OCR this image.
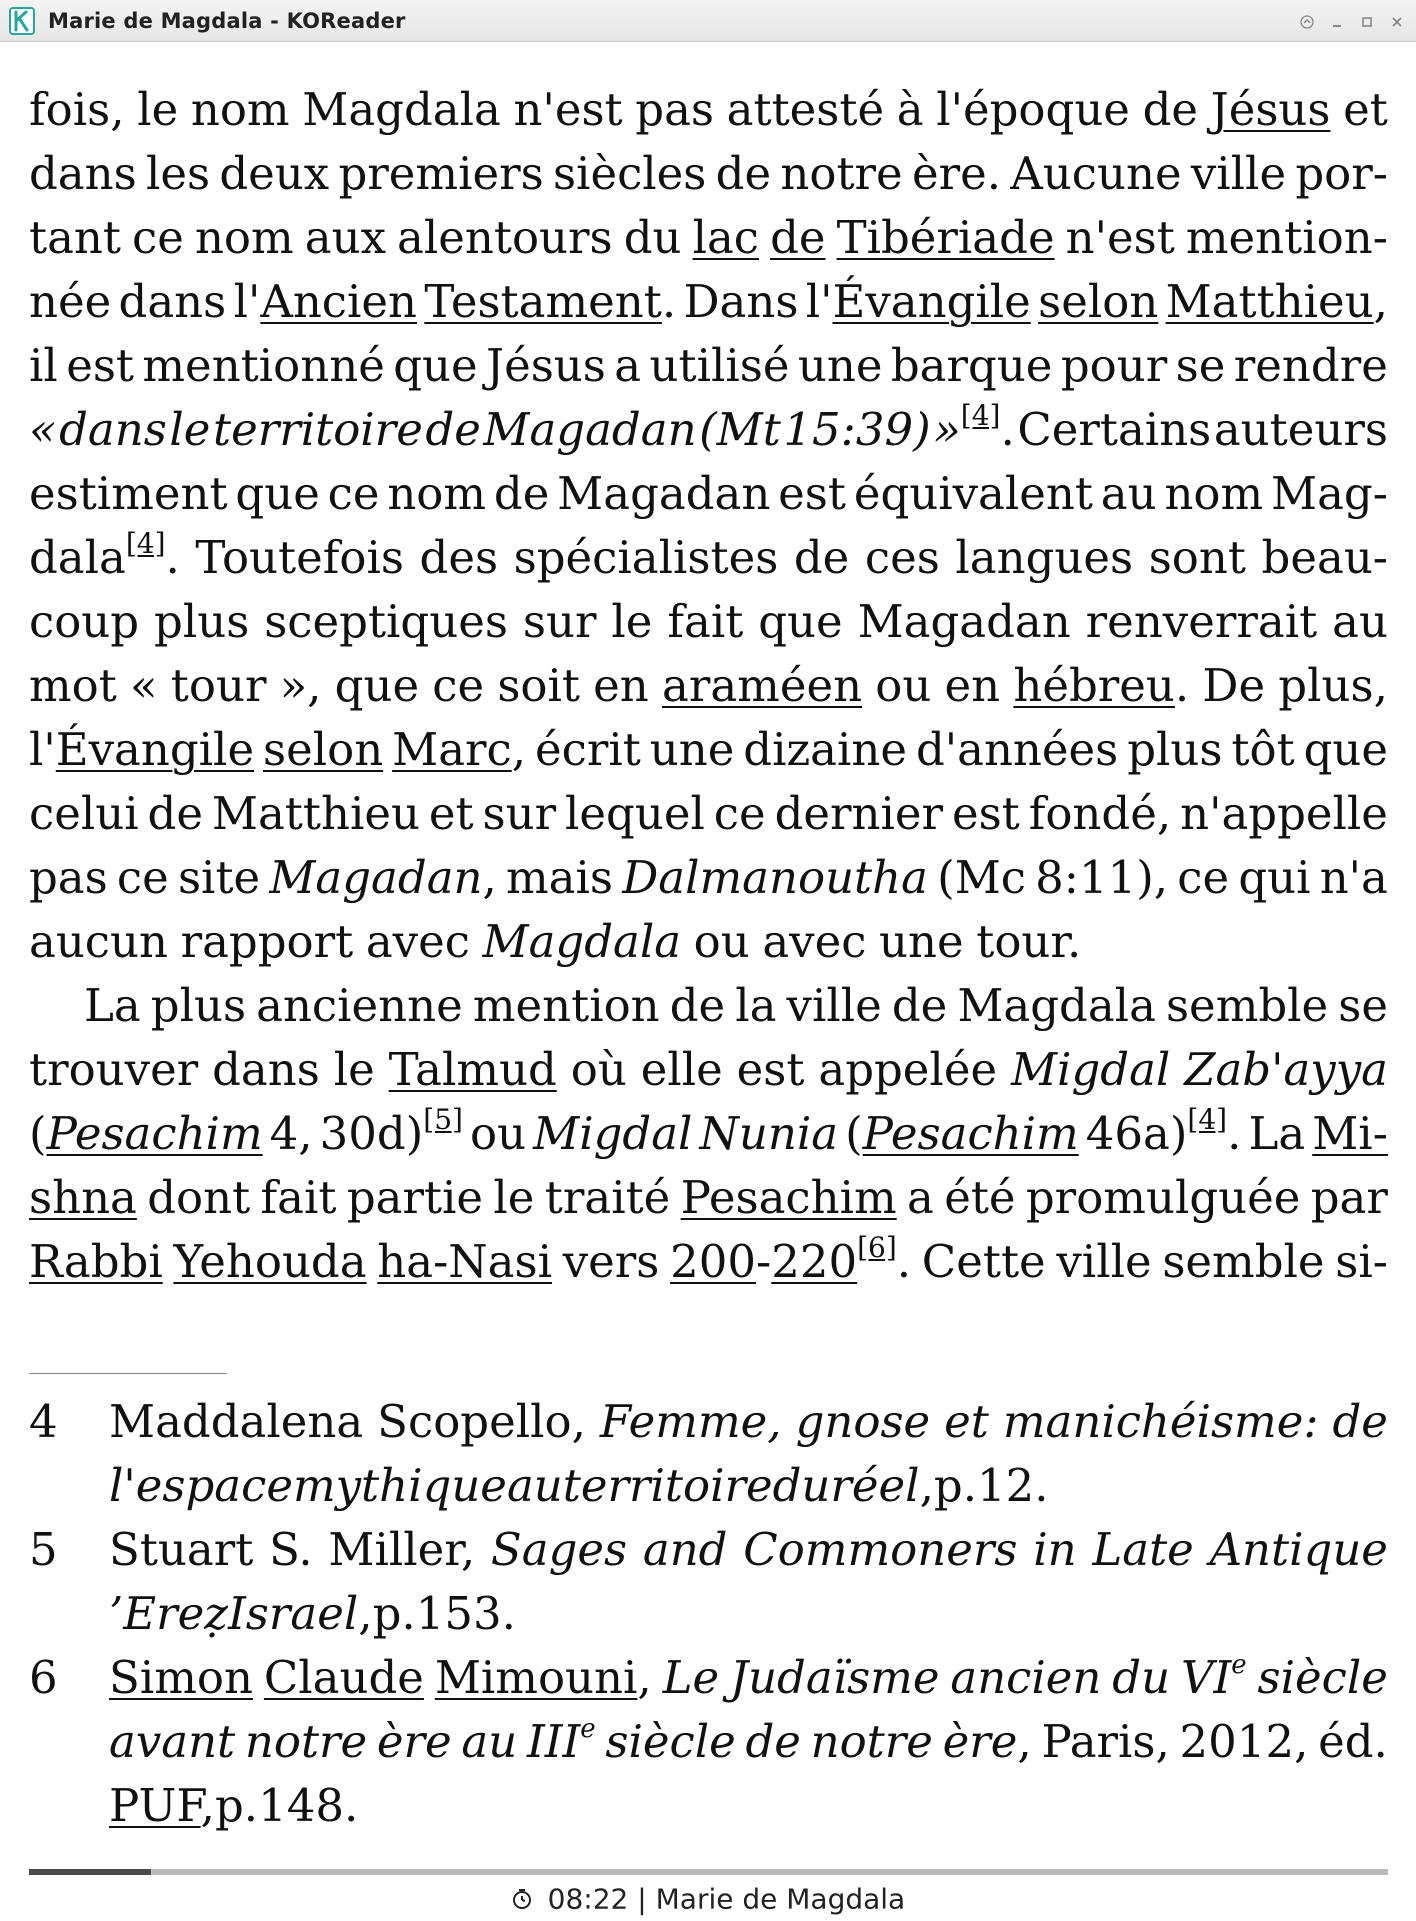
Marie de Magdala - KOReader
fois, le nom Magdala n'est pas attesté à l'époque de Jésus et
dans les deux premiers siècles de notre ère. Aucune ville por-
tant ce nom aux alentours du lac de Tibériade n'est mention-
née dans l'Ancien Testament. Dans l'Évangile selon Matthieu,
il est mentionné que Jésus a utilisé une barque pour se rendre
« dans le territoire de Magadan (Mt 15:39) »[4]. Certains auteurs
estiment que ce nom de Magadan est équivalent au nom Mag-
dala[4]. Toutefois des spécialistes de ces langues sont beau-
coup plus sceptiques sur le fait que Magadan renverrait au
mot « tour », que ce soit en araméen ou en hébreu. De plus,
l'Évangile selon Marc, écrit une dizaine d'années plus tôt que
celui de Matthieu et sur lequel ce dernier est fondé, n'appelle
pas ce site Magadan, mais Dalmanoutha (Mc 8:11), ce qui n'a
aucun rapport avec Magdala ou avec une tour.
La plus ancienne mention de la ville de Magdala semble se
trouver dans le Talmud où elle est appelée Migdal Zab'ayya
(Pesachim 4, 30d)[5] ou Migdal Nunia (Pesachim 46a)[4]. La Mi-
shna dont fait partie le traité Pesachim a été promulguée par
Rabbi Yehouda ha-Nasi vers 200-220[6]. Cette ville semble si-
4 Maddalena Scopello, Femme, gnose et manichéisme: de
l'espace mythique au territoire du réel, p. 12.
5 Stuart S. Miller, Sages and Commoners in Late Antique
’Ereẓ Israel, p. 153.
6 Simon Claude Mimouni, Le Judaïsme ancien du VIe siècle
avant notre ère au IIIe siècle de notre ère, Paris, 2012, éd.
PUF, p. 148.
08:22 | Marie de Magdala
